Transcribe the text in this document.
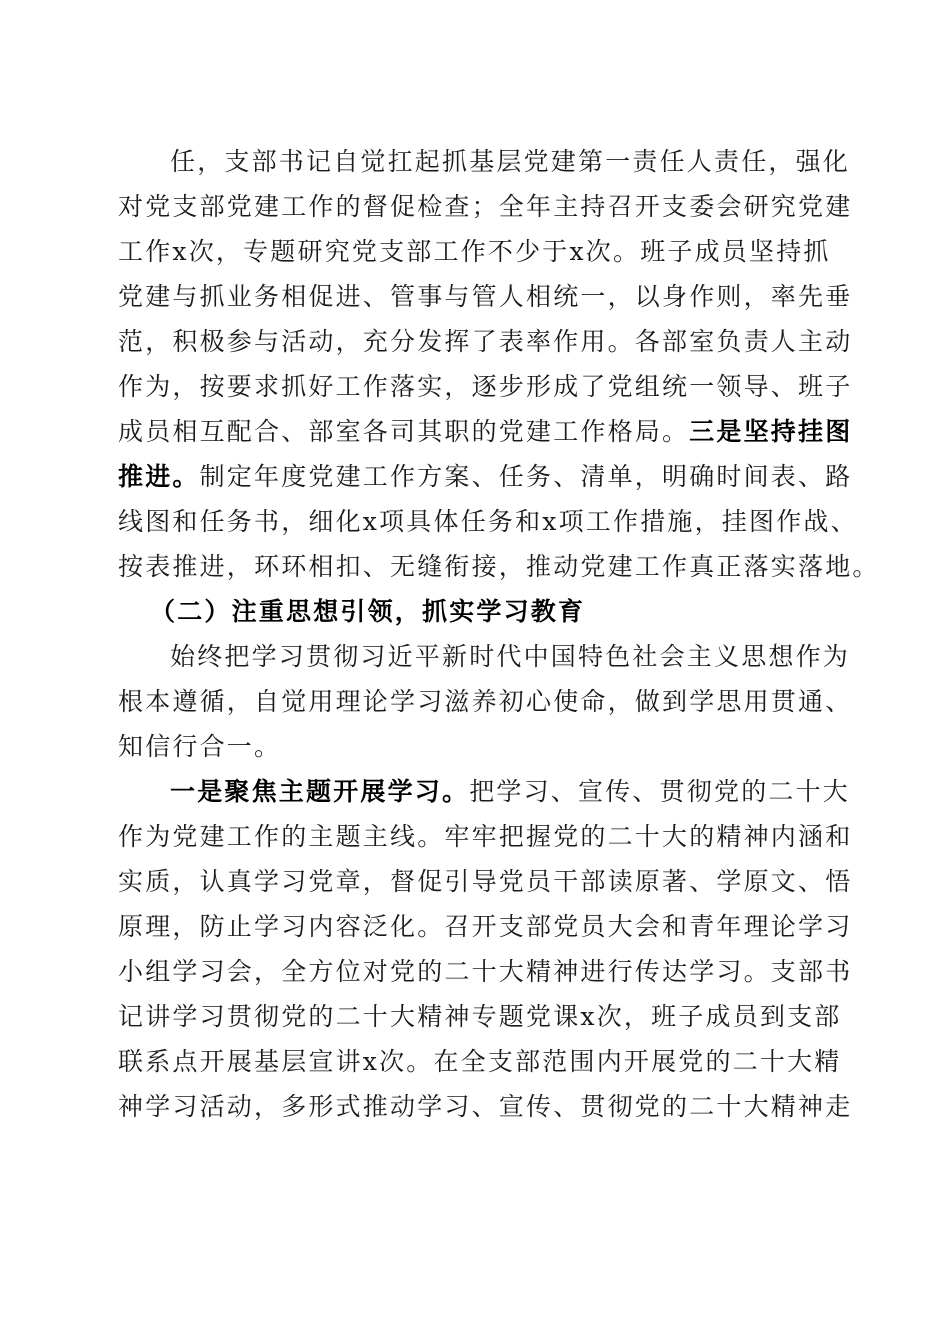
任，支部书记自觉扛起抓基层党建第一责任人责任，强化
对党支部党建工作的督促检查；全年主持召开支委会研究党建
工作x次，专题研究党支部工作不少于x次。班子成员坚持抓
党建与抓业务相促进、管事与管人相统一，以身作则，率先垂
范，积极参与活动，充分发挥了表率作用。各部室负责人主动
作为，按要求抓好工作落实，逐步形成了党组统一领导、班子
成员相互配合、部室各司其职的党建工作格局。三是坚持挂图
推进。制定年度党建工作方案、任务、清单，明确时间表、路
线图和任务书，细化x项具体任务和x项工作措施，挂图作战、
按表推进，环环相扣、无缝衔接，推动党建工作真正落实落地。
（二）注重思想引领，抓实学习教育
始终把学习贯彻习近平新时代中国特色社会主义思想作为
根本遵循，自觉用理论学习滋养初心使命，做到学思用贯通、
知信行合一。
一是聚焦主题开展学习。把学习、宣传、贯彻党的二十大
作为党建工作的主题主线。牢牢把握党的二十大的精神内涵和
实质，认真学习党章，督促引导党员干部读原著、学原文、悟
原理，防止学习内容泛化。召开支部党员大会和青年理论学习
小组学习会，全方位对党的二十大精神进行传达学习。支部书
记讲学习贯彻党的二十大精神专题党课x次，班子成员到支部
联系点开展基层宣讲x次。在全支部范围内开展党的二十大精
神学习活动，多形式推动学习、宣传、贯彻党的二十大精神走
